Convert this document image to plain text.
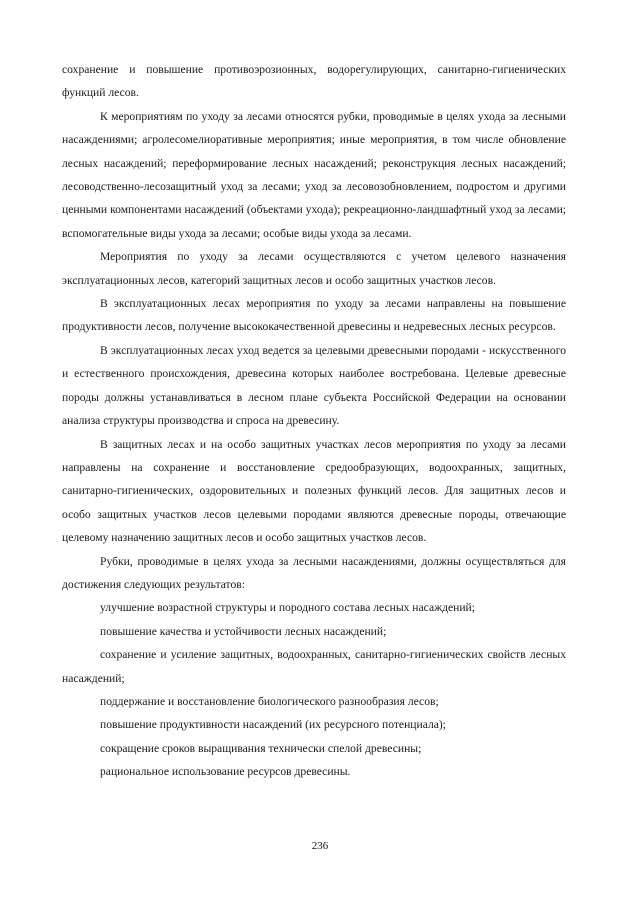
сохранение и повышение противоэрозионных, водорегулирующих, санитарно-гигиенических функций лесов.

К мероприятиям по уходу за лесами относятся рубки, проводимые в целях ухода за лесными насаждениями; агролесомелиоративные мероприятия; иные мероприятия, в том числе обновление лесных насаждений; переформирование лесных насаждений; реконструкция лесных насаждений; лесоводственно-лесозащитный уход за лесами; уход за лесовозобновлением, подростом и другими ценными компонентами насаждений (объектами ухода); рекреационно-ландшафтный уход за лесами; вспомогательные виды ухода за лесами; особые виды ухода за лесами.

Мероприятия по уходу за лесами осуществляются с учетом целевого назначения эксплуатационных лесов, категорий защитных лесов и особо защитных участков лесов.

В эксплуатационных лесах мероприятия по уходу за лесами направлены на повышение продуктивности лесов, получение высококачественной древесины и недревесных лесных ресурсов.

В эксплуатационных лесах уход ведется за целевыми древесными породами - искусственного и естественного происхождения, древесина которых наиболее востребована. Целевые древесные породы должны устанавливаться в лесном плане субъекта Российской Федерации на основании анализа структуры производства и спроса на древесину.

В защитных лесах и на особо защитных участках лесов мероприятия по уходу за лесами направлены на сохранение и восстановление средообразующих, водоохранных, защитных, санитарно-гигиенических, оздоровительных и полезных функций лесов. Для защитных лесов и особо защитных участков лесов целевыми породами являются древесные породы, отвечающие целевому назначению защитных лесов и особо защитных участков лесов.

Рубки, проводимые в целях ухода за лесными насаждениями, должны осуществляться для достижения следующих результатов:

улучшение возрастной структуры и породного состава лесных насаждений;

повышение качества и устойчивости лесных насаждений;

сохранение и усиление защитных, водоохранных, санитарно-гигиенических свойств лесных насаждений;

поддержание и восстановление биологического разнообразия лесов;

повышение продуктивности насаждений (их ресурсного потенциала);

сокращение сроков выращивания технически спелой древесины;

рациональное использование ресурсов древесины.

236
